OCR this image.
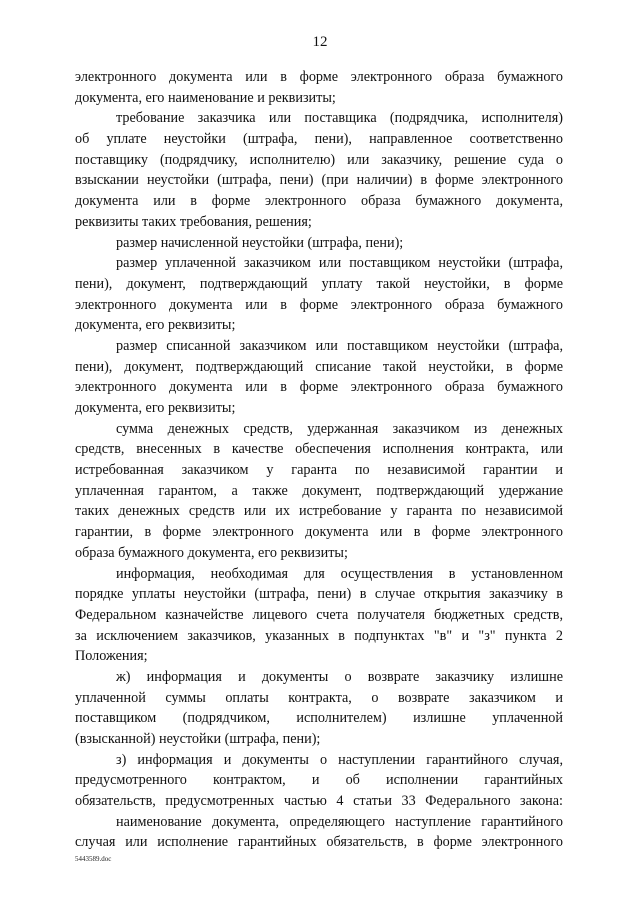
12
электронного документа или в форме электронного образа бумажного
документа, его наименование и реквизиты;
требование заказчика или поставщика (подрядчика, исполнителя)
об уплате неустойки (штрафа, пени), направленное соответственно
поставщику (подрядчику, исполнителю) или заказчику, решение суда о
взыскании неустойки (штрафа, пени) (при наличии) в форме электронного
документа или в форме электронного образа бумажного документа,
реквизиты таких требования, решения;
размер начисленной неустойки (штрафа, пени);
размер уплаченной заказчиком или поставщиком неустойки (штрафа,
пени), документ, подтверждающий уплату такой неустойки, в форме
электронного документа или в форме электронного образа бумажного
документа, его реквизиты;
размер списанной заказчиком или поставщиком неустойки (штрафа,
пени), документ, подтверждающий списание такой неустойки, в форме
электронного документа или в форме электронного образа бумажного
документа, его реквизиты;
сумма денежных средств, удержанная заказчиком из денежных
средств, внесенных в качестве обеспечения исполнения контракта, или
истребованная заказчиком у гаранта по независимой гарантии и
уплаченная гарантом, а также документ, подтверждающий удержание
таких денежных средств или их истребование у гаранта по независимой
гарантии, в форме электронного документа или в форме электронного
образа бумажного документа, его реквизиты;
информация, необходимая для осуществления в установленном
порядке уплаты неустойки (штрафа, пени) в случае открытия заказчику в
Федеральном казначействе лицевого счета получателя бюджетных средств,
за исключением заказчиков, указанных в подпунктах "в" и "з" пункта 2
Положения;
ж) информация и документы о возврате заказчику излишне
уплаченной суммы оплаты контракта, о возврате заказчиком и
поставщиком (подрядчиком, исполнителем) излишне уплаченной
(взысканной) неустойки (штрафа, пени);
з) информация и документы о наступлении гарантийного случая,
предусмотренного контрактом, и об исполнении гарантийных
обязательств, предусмотренных частью 4 статьи 33 Федерального закона:
наименование документа, определяющего наступление гарантийного
случая или исполнение гарантийных обязательств, в форме электронного
5443589.doc
